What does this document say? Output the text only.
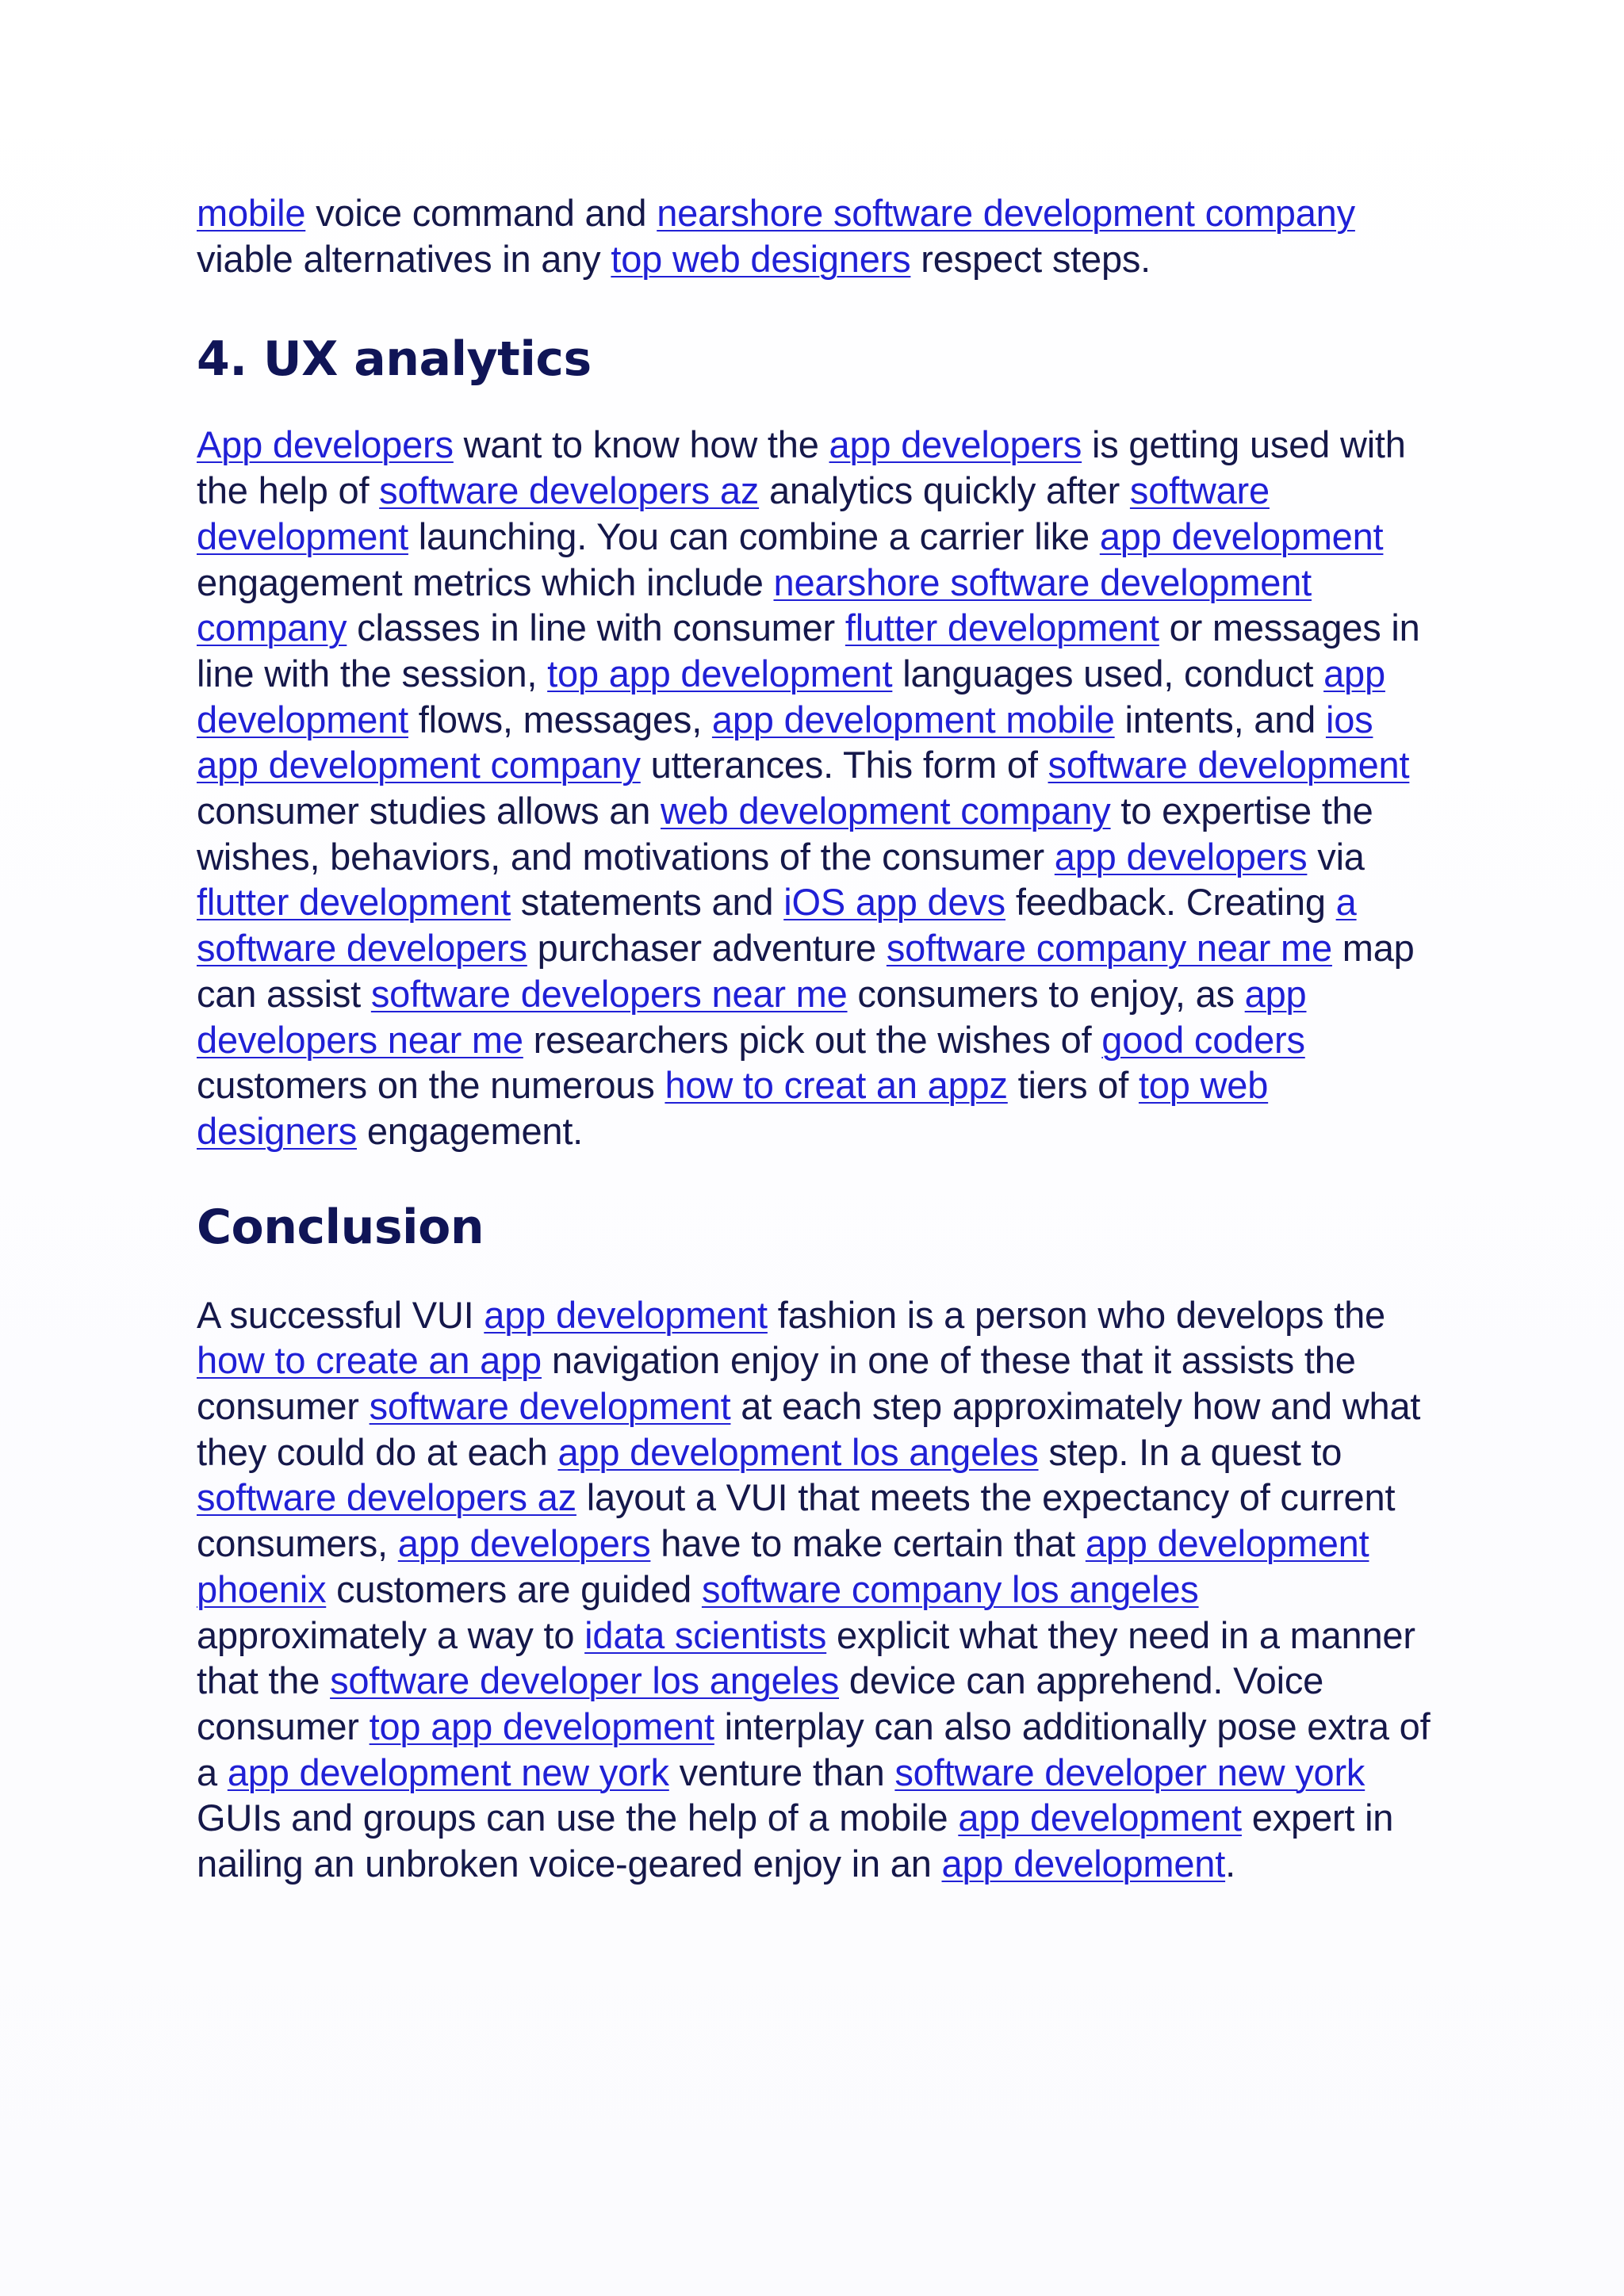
mobile voice command and nearshore software development company viable alternatives in any top web designers respect steps.

4. UX analytics

App developers want to know how the app developers is getting used with the help of software developers az analytics quickly after software development launching. You can combine a carrier like app development engagement metrics which include nearshore software development company classes in line with consumer flutter development or messages in line with the session, top app development languages used, conduct app development flows, messages, app development mobile intents, and ios app development company utterances. This form of software development consumer studies allows an web development company to expertise the wishes, behaviors, and motivations of the consumer app developers via flutter development statements and iOS app devs feedback. Creating a software developers purchaser adventure software company near me map can assist software developers near me consumers to enjoy, as app developers near me researchers pick out the wishes of good coders customers on the numerous how to creat an appz tiers of top web designers engagement.

Conclusion

A successful VUI app development fashion is a person who develops the how to create an app navigation enjoy in one of these that it assists the consumer software development at each step approximately how and what they could do at each app development los angeles step. In a quest to software developers az layout a VUI that meets the expectancy of current consumers, app developers have to make certain that app development phoenix customers are guided software company los angeles approximately a way to idata scientists explicit what they need in a manner that the software developer los angeles device can apprehend. Voice consumer top app development interplay can also additionally pose extra of a app development new york venture than software developer new york GUIs and groups can use the help of a mobile app development expert in nailing an unbroken voice-geared enjoy in an app development.
